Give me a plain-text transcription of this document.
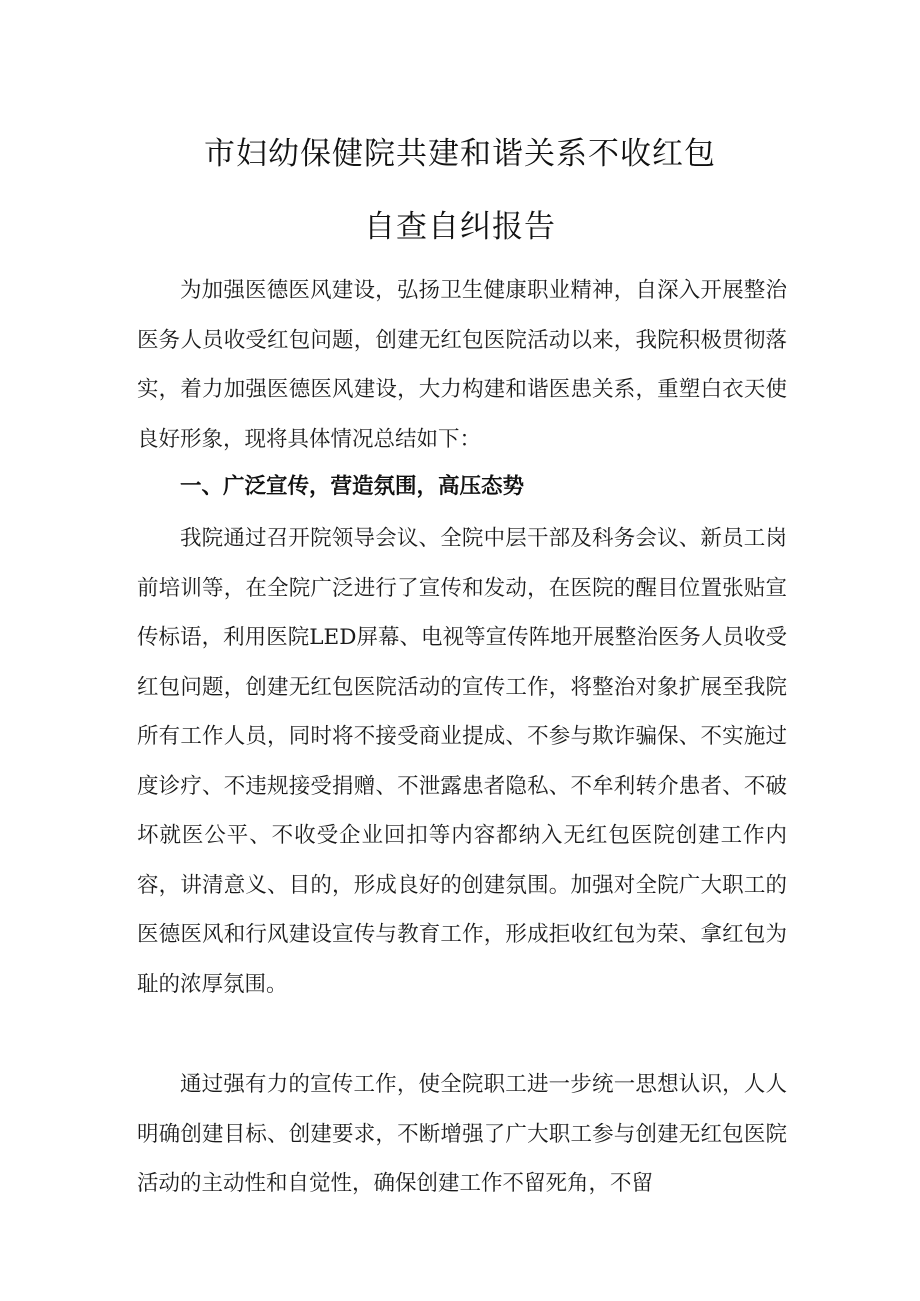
市妇幼保健院共建和谐关系不收红包
自查自纠报告

为加强医德医风建设，弘扬卫生健康职业精神，自深入开展整治医务人员收受红包问题，创建无红包医院活动以来，我院积极贯彻落实，着力加强医德医风建设，大力构建和谐医患关系，重塑白衣天使良好形象，现将具体情况总结如下：

一、广泛宣传，营造氛围，高压态势

我院通过召开院领导会议、全院中层干部及科务会议、新员工岗前培训等，在全院广泛进行了宣传和发动，在医院的醒目位置张贴宣传标语，利用医院LED屏幕、电视等宣传阵地开展整治医务人员收受红包问题，创建无红包医院活动的宣传工作，将整治对象扩展至我院所有工作人员，同时将不接受商业提成、不参与欺诈骗保、不实施过度诊疗、不违规接受捐赠、不泄露患者隐私、不牟利转介患者、不破坏就医公平、不收受企业回扣等内容都纳入无红包医院创建工作内容，讲清意义、目的，形成良好的创建氛围。加强对全院广大职工的医德医风和行风建设宣传与教育工作，形成拒收红包为荣、拿红包为耻的浓厚氛围。

通过强有力的宣传工作，使全院职工进一步统一思想认识，人人明确创建目标、创建要求，不断增强了广大职工参与创建无红包医院活动的主动性和自觉性，确保创建工作不留死角，不留
